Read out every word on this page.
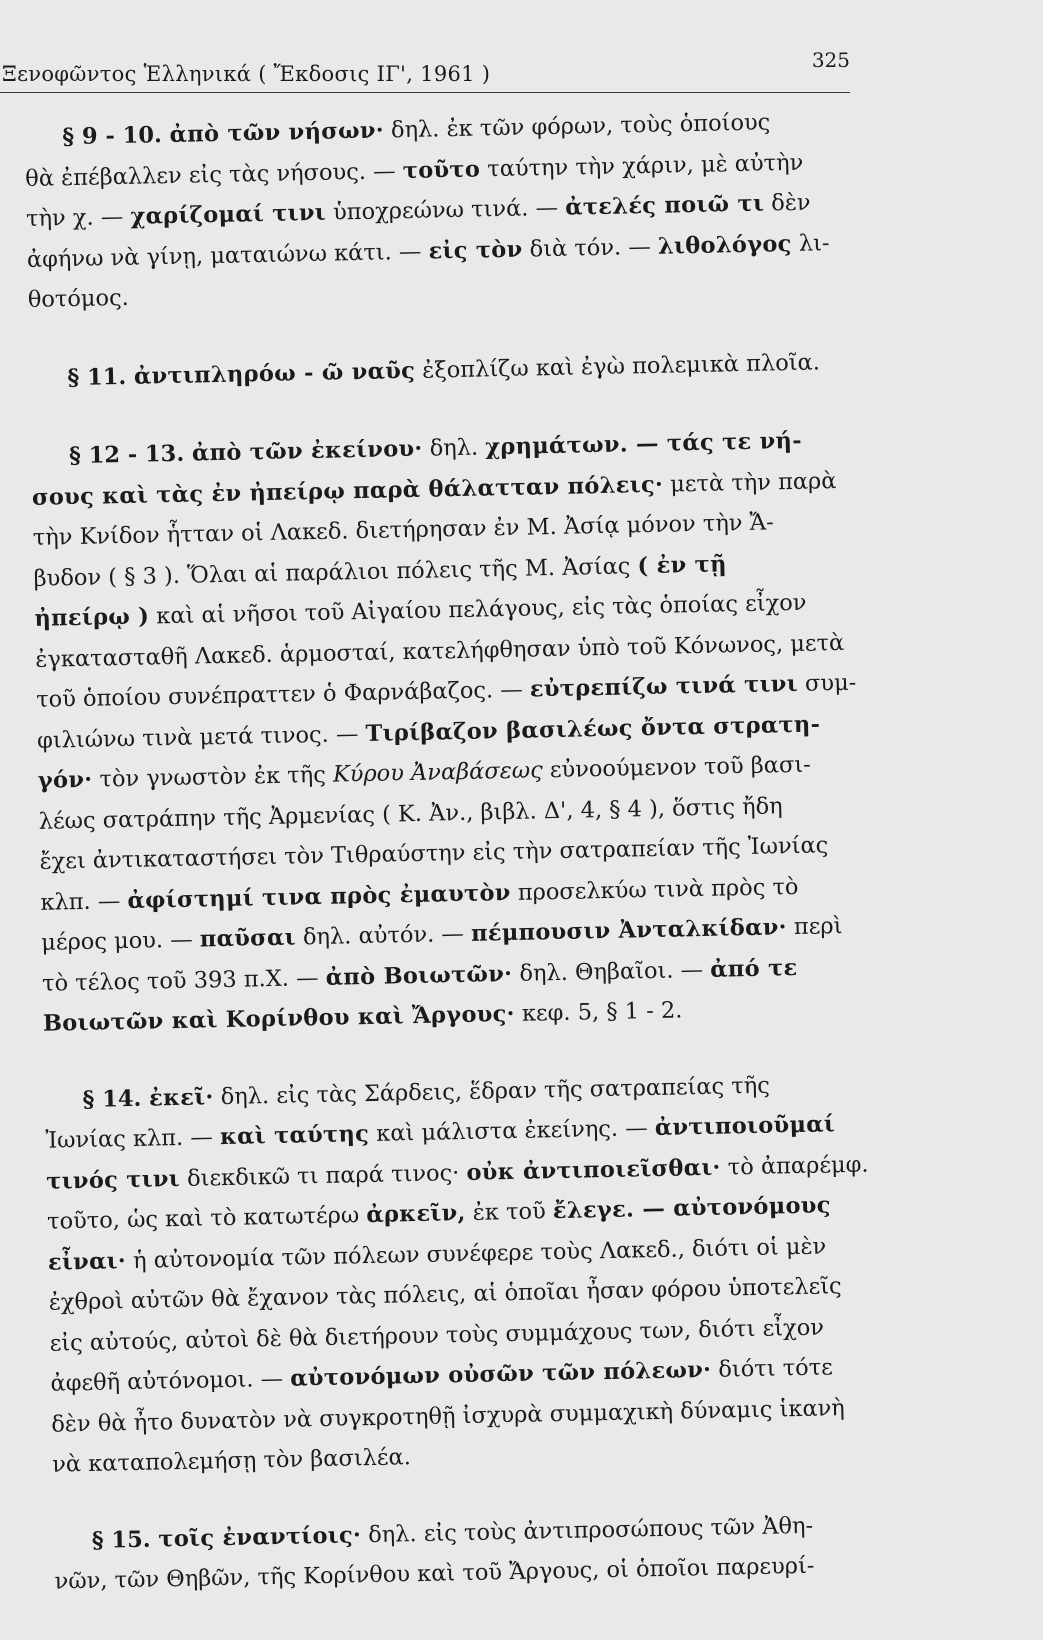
Ξενοφῶντος Ἑλληνικά ( Ἔκδοσις ΙΓ', 1961 )
325
§ 9 - 10. ἀπὸ τῶν νήσων· δηλ. ἐκ τῶν φόρων, τοὺς ὁποίους
θὰ ἐπέβαλλεν εἰς τὰς νήσους. — τοῦτο ταύτην τὴν χάριν, μὲ αὐτὴν
τὴν χ. — χαρίζομαί τινι ὑποχρεώνω τινά. — ἀτελές ποιῶ τι δὲν
ἀφήνω νὰ γίνῃ, ματαιώνω κάτι. — εἰς τὸν διὰ τόν. — λιθολόγος λι-
θοτόμος.
§ 11. ἀντιπληρόω - ῶ ναῦς ἐξοπλίζω καὶ ἐγὼ πολεμικὰ πλοῖα.
§ 12 - 13. ἀπὸ τῶν ἐκείνου· δηλ. χρημάτων. — τάς τε νή-
σους καὶ τὰς ἐν ἠπείρῳ παρὰ θάλατταν πόλεις· μετὰ τὴν παρὰ
τὴν Κνίδον ἧτταν οἱ Λακεδ. διετήρησαν ἐν Μ. Ἀσίᾳ μόνον τὴν Ἄ-
βυδον ( § 3 ). Ὅλαι αἱ παράλιοι πόλεις τῆς Μ. Ἀσίας ( ἐν τῇ
ἠπείρῳ ) καὶ αἱ νῆσοι τοῦ Αἰγαίου πελάγους, εἰς τὰς ὁποίας εἶχον
ἐγκατασταθῆ Λακεδ. ἁρμοσταί, κατελήφθησαν ὑπὸ τοῦ Κόνωνος, μετὰ
τοῦ ὁποίου συνέπραττεν ὁ Φαρνάβαζος. — εὐτρεπίζω τινά τινι συμ-
φιλιώνω τινὰ μετά τινος. — Τιρίβαζον βασιλέως ὄντα στρατη-
γόν· τὸν γνωστὸν ἐκ τῆς Κύρου Ἀναβάσεως εὐνοούμενον τοῦ βασι-
λέως σατράπην τῆς Ἀρμενίας ( Κ. Ἀν., βιβλ. Δ', 4, § 4 ), ὅστις ἤδη
ἔχει ἀντικαταστήσει τὸν Τιθραύστην εἰς τὴν σατραπείαν τῆς Ἰωνίας
κλπ. — ἀφίστημί τινα πρὸς ἐμαυτὸν προσελκύω τινὰ πρὸς τὸ
μέρος μου. — παῦσαι δηλ. αὐτόν. — πέμπουσιν Ἀνταλκίδαν· περὶ
τὸ τέλος τοῦ 393 π.Χ. — ἀπὸ Βοιωτῶν· δηλ. Θηβαῖοι. — ἀπό τε
Βοιωτῶν καὶ Κορίνθου καὶ Ἄργους· κεφ. 5, § 1 - 2.
§ 14. ἐκεῖ· δηλ. εἰς τὰς Σάρδεις, ἕδραν τῆς σατραπείας τῆς
Ἰωνίας κλπ. — καὶ ταύτης καὶ μάλιστα ἐκείνης. — ἀντιποιοῦμαί
τινός τινι διεκδικῶ τι παρά τινος· οὐκ ἀντιποιεῖσθαι· τὸ ἀπαρέμφ.
τοῦτο, ὡς καὶ τὸ κατωτέρω ἀρκεῖν, ἐκ τοῦ ἔλεγε. — αὐτονόμους
εἶναι· ἡ αὐτονομία τῶν πόλεων συνέφερε τοὺς Λακεδ., διότι οἱ μὲν
ἐχθροὶ αὐτῶν θὰ ἔχανον τὰς πόλεις, αἱ ὁποῖαι ἦσαν φόρου ὑποτελεῖς
εἰς αὐτούς, αὐτοὶ δὲ θὰ διετήρουν τοὺς συμμάχους των, διότι εἶχον
ἀφεθῆ αὐτόνομοι. — αὐτονόμων οὐσῶν τῶν πόλεων· διότι τότε
δὲν θὰ ἦτο δυνατὸν νὰ συγκροτηθῇ ἰσχυρὰ συμμαχικὴ δύναμις ἱκανὴ
νὰ καταπολεμήσῃ τὸν βασιλέα.
§ 15. τοῖς ἐναντίοις· δηλ. εἰς τοὺς ἀντιπροσώπους τῶν Ἀθη-
νῶν, τῶν Θηβῶν, τῆς Κορίνθου καὶ τοῦ Ἄργους, οἱ ὁποῖοι παρευρί-
